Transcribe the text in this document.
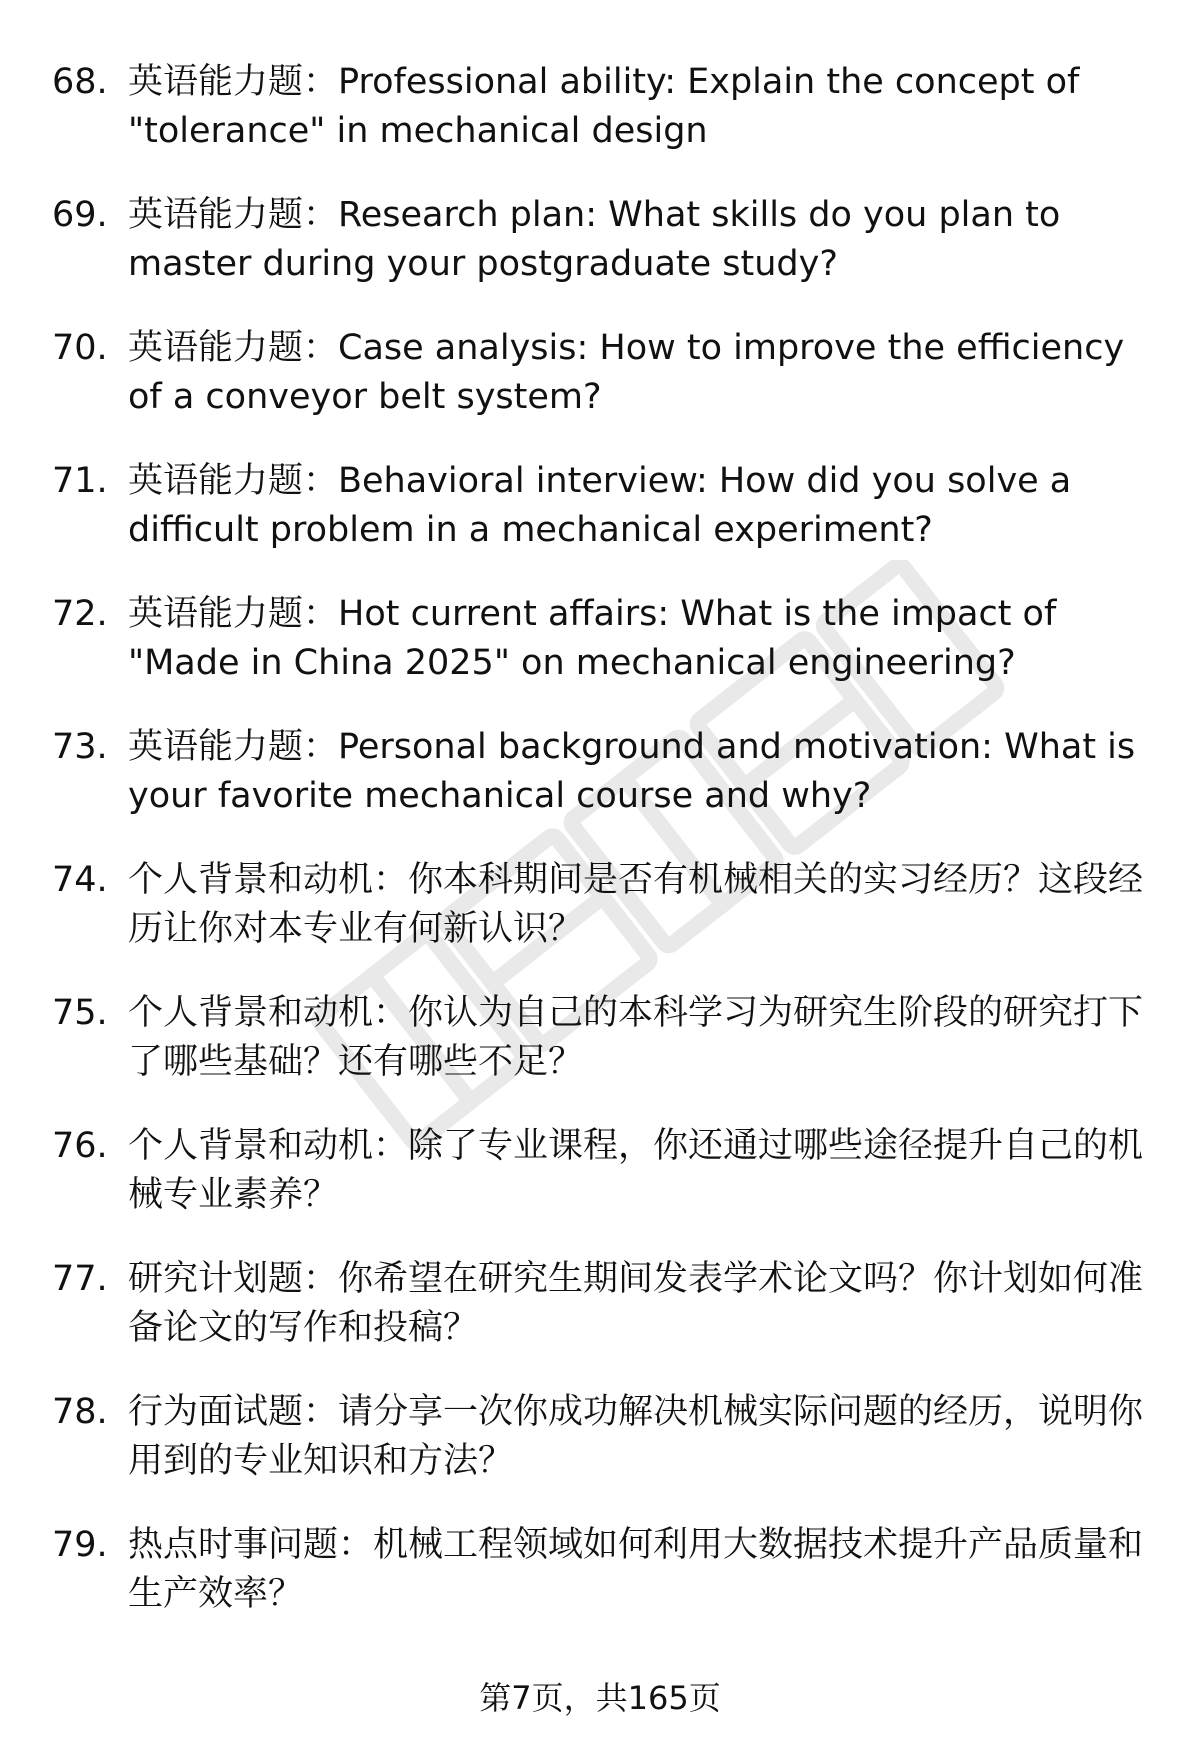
68. 英语能力题：Professional ability: Explain the concept of "tolerance" in mechanical design
69. 英语能力题：Research plan: What skills do you plan to master during your postgraduate study?
70. 英语能力题：Case analysis: How to improve the efficiency of a conveyor belt system?
71. 英语能力题：Behavioral interview: How did you solve a difficult problem in a mechanical experiment?
72. 英语能力题：Hot current affairs: What is the impact of "Made in China 2025" on mechanical engineering?
73. 英语能力题：Personal background and motivation: What is your favorite mechanical course and why?
74. 个人背景和动机：你本科期间是否有机械相关的实习经历？这段经历让你对本专业有何新认识？
75. 个人背景和动机：你认为自己的本科学习为研究生阶段的研究打下了哪些基础？还有哪些不足？
76. 个人背景和动机：除了专业课程，你还通过哪些途径提升自己的机械专业素养？
77. 研究计划题：你希望在研究生期间发表学术论文吗？你计划如何准备论文的写作和投稿？
78. 行为面试题：请分享一次你成功解决机械实际问题的经历，说明你用到的专业知识和方法？
79. 热点时事问题：机械工程领域如何利用大数据技术提升产品质量和生产效率？
第7页，共165页
